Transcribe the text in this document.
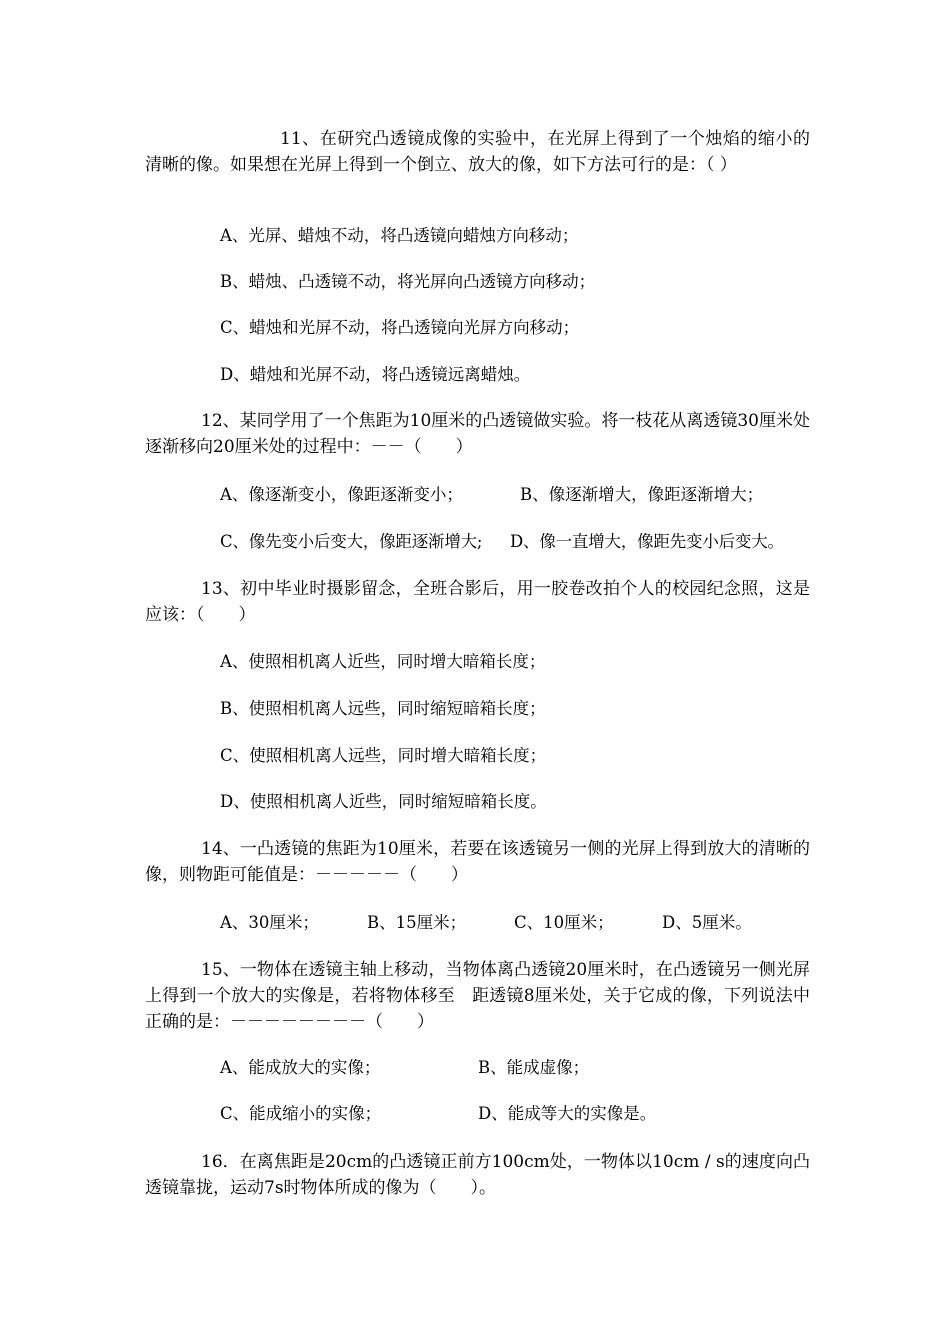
11、在研究凸透镜成像的实验中，在光屏上得到了一个烛焰的缩小的清晰的像。如果想在光屏上得到一个倒立、放大的像，如下方法可行的是：（ ）

A、光屏、蜡烛不动，将凸透镜向蜡烛方向移动；

B、蜡烛、凸透镜不动，将光屏向凸透镜方向移动；

C、蜡烛和光屏不动，将凸透镜向光屏方向移动；

D、蜡烛和光屏不动，将凸透镜远离蜡烛。

12、某同学用了一个焦距为10厘米的凸透镜做实验。将一枝花从离透镜30厘米处逐渐移向20厘米处的过程中：－－（　　）

A、像逐渐变小，像距逐渐变小；	B、像逐渐增大，像距逐渐增大；
C、像先变小后变大，像距逐渐增大; D、像一直增大，像距先变小后变大。

13、初中毕业时摄影留念，全班合影后，用一胶卷改拍个人的校园纪念照，这是应该：（　　）

A、使照相机离人近些，同时增大暗箱长度；

B、使照相机离人远些，同时缩短暗箱长度；

C、使照相机离人远些，同时增大暗箱长度；

D、使照相机离人近些，同时缩短暗箱长度。

14、一凸透镜的焦距为10厘米，若要在该透镜另一侧的光屏上得到放大的清晰的像，则物距可能值是：－－－－－（　　）

A、30厘米；	B、15厘米；	C、10厘米；	D、5厘米。

15、一物体在透镜主轴上移动，当物体离凸透镜20厘米时，在凸透镜另一侧光屏上得到一个放大的实像是，若将物体移至　距透镜8厘米处，关于它成的像，下列说法中正确的是：－－－－－－－－（　　）

A、能成放大的实像；	B、能成虚像；
C、能成缩小的实像；	D、能成等大的实像是。

16．在离焦距是20cm的凸透镜正前方100cm处，一物体以10cm / s的速度向凸透镜靠拢，运动7s时物体所成的像为（　　）。
